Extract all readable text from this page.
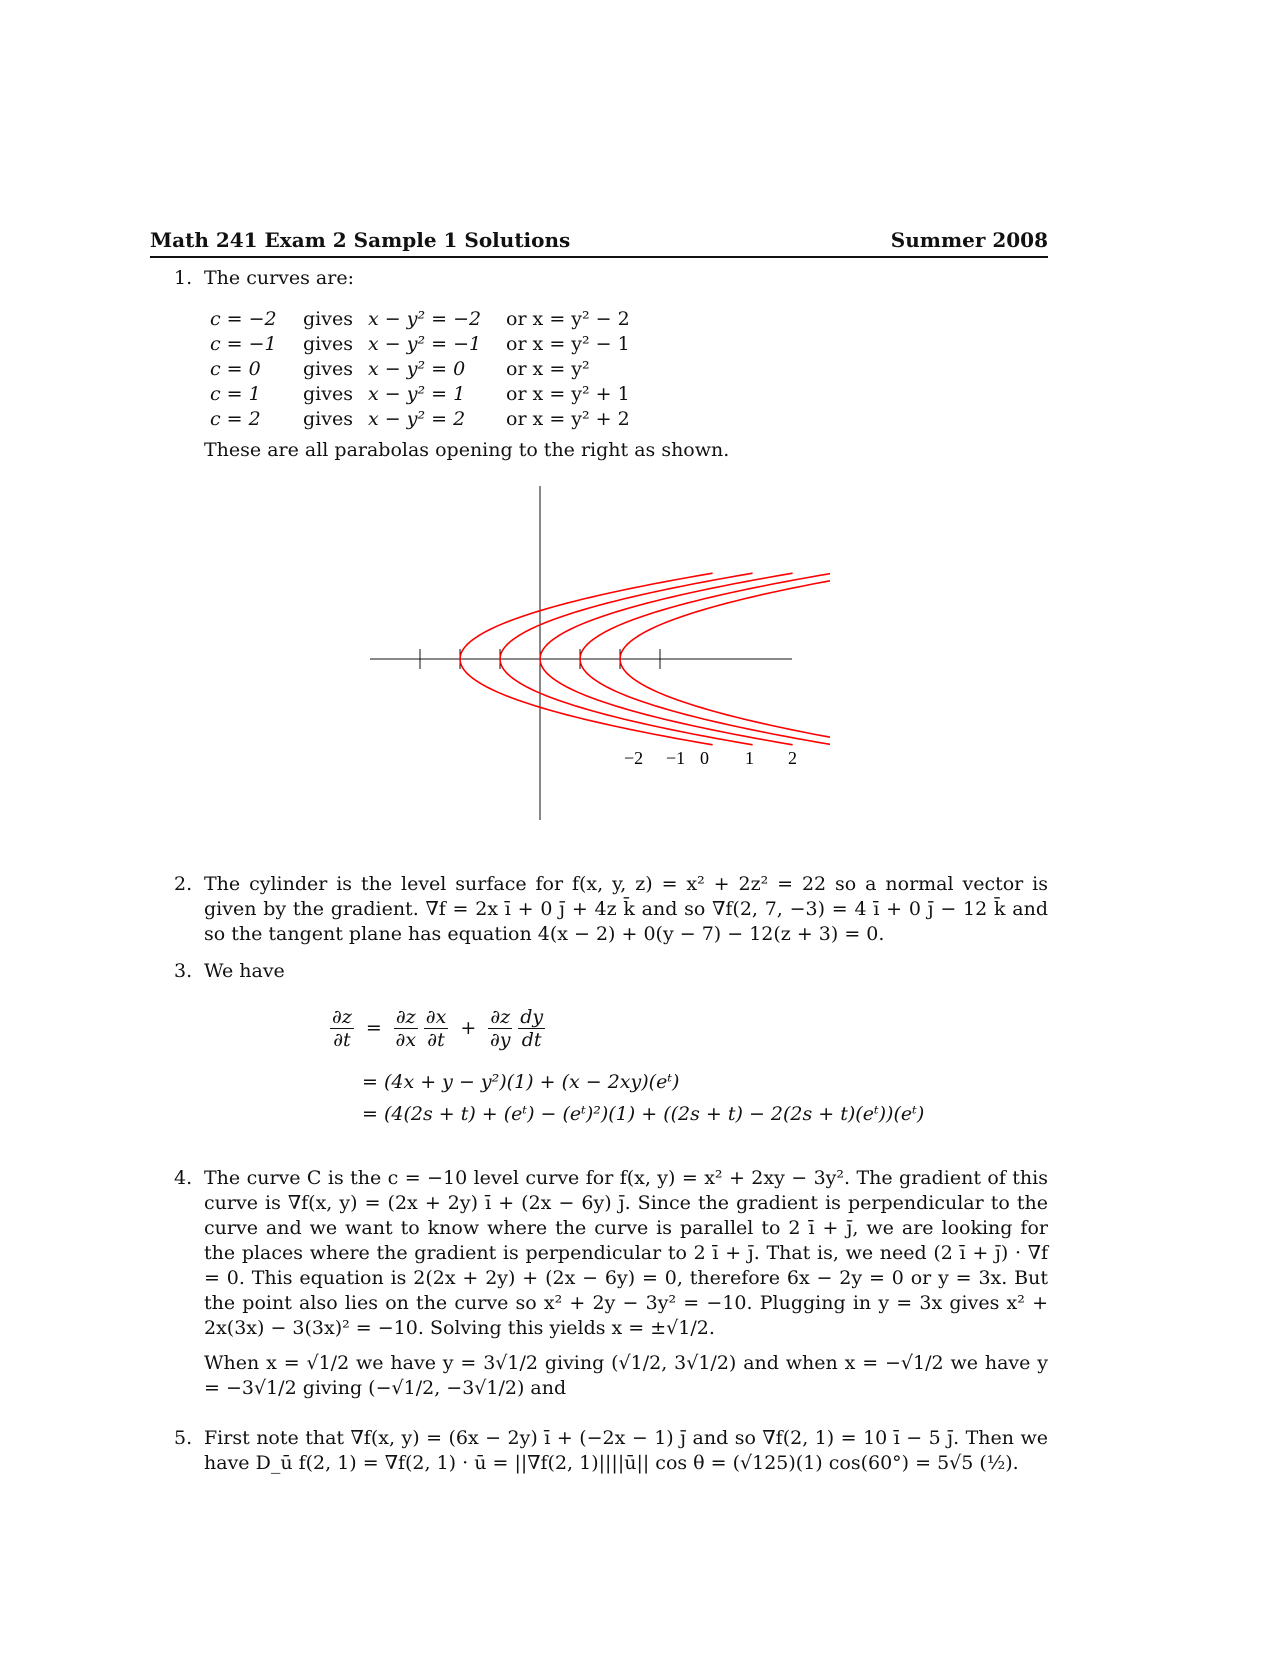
Math 241 Exam 2 Sample 1 Solutions	Summer 2008
1. The curves are:
c = −2 gives x − y² = −2 or x = y² − 2
c = −1 gives x − y² = −1 or x = y² − 1
c = 0 gives x − y² = 0 or x = y²
c = 1 gives x − y² = 1 or x = y² + 1
c = 2 gives x − y² = 2 or x = y² + 2
These are all parabolas opening to the right as shown.
−2 −1 0 1 2
2. The cylinder is the level surface for f(x, y, z) = x² + 2z² = 22 so a normal vector is given by the gradient. ∇f = 2x ī + 0 j̄ + 4z k̄ and so ∇f(2, 7, −3) = 4 ī + 0 j̄ − 12 k̄ and so the tangent plane has equation 4(x − 2) + 0(y − 7) − 12(z + 3) = 0.
3. We have
$\frac{\partial z}{\partial t} = \frac{\partial z}{\partial x}$
$\frac{\partial x}{\partial t} + \frac{\partial z}{\partial y}$
$\frac{dy}{dt}$
= (4x + y − y²)(1) + (x − 2xy)(eᵗ)
= (4(2s + t) + (eᵗ) − (eᵗ)²)(1) + ((2s + t) − 2(2s + t)(eᵗ))(eᵗ)
4. The curve C is the c = −10 level curve for f(x, y) = x² + 2xy − 3y². The gradient of this curve is ∇f(x, y) = (2x + 2y) ī + (2x − 6y) j̄. Since the gradient is perpendicular to the curve and we want to know where the curve is parallel to 2 ī + j̄, we are looking for the places where the gradient is perpendicular to 2 ī + j̄. That is, we need (2 ī + j̄) · ∇f = 0. This equation is 2(2x + 2y) + (2x − 6y) = 0, therefore 6x − 2y = 0 or y = 3x. But the point also lies on the curve so x² + 2y − 3y² = −10. Plugging in y = 3x gives x² + 2x(3x) − 3(3x)² = −10. Solving this yields x = ±√1/2.
When x = √1/2 we have y = 3√1/2 giving (√1/2, 3√1/2) and when x = −√1/2 we have y = −3√1/2 giving (−√1/2, −3√1/2) and
5. First note that ∇f(x, y) = (6x − 2y) ī + (−2x − 1) j̄ and so ∇f(2, 1) = 10 ī − 5 j̄. Then we have D_ū f(2, 1) = ∇f(2, 1) · ū = ||∇f(2, 1)||||ū|| cos θ = (√125)(1) cos(60°) = 5√5 (½).
